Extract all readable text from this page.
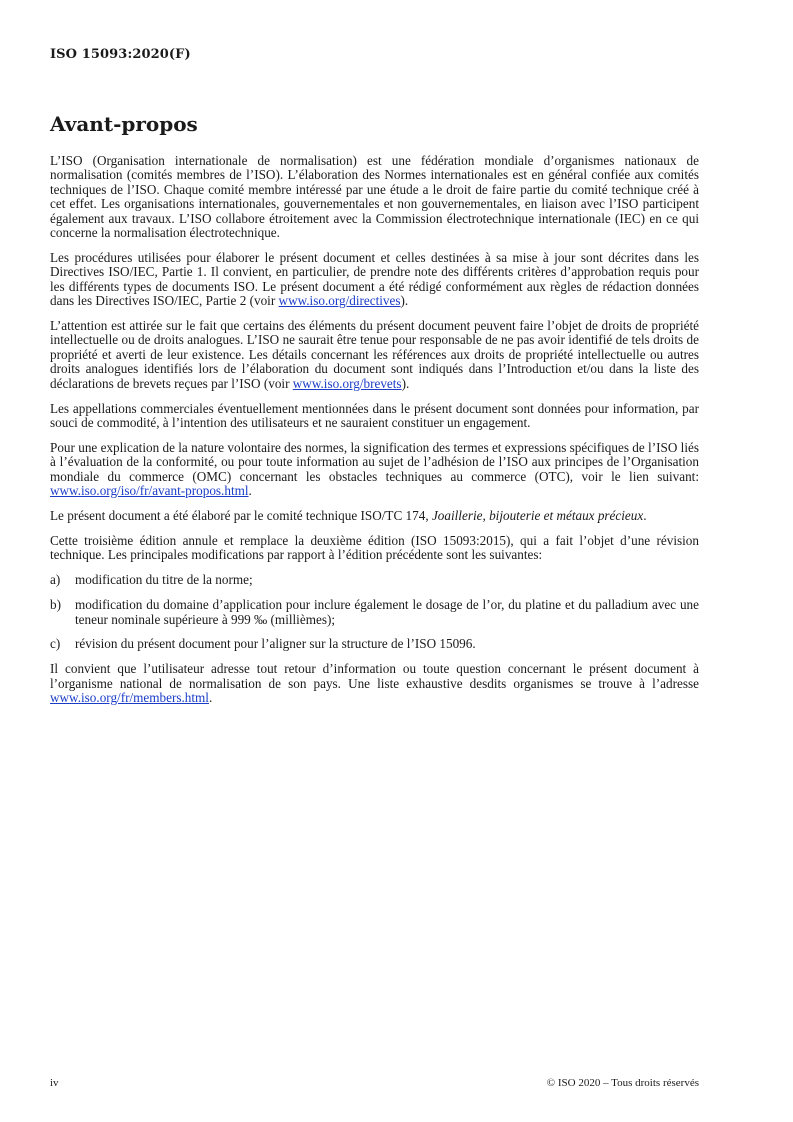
ISO 15093:2020(F)
Avant-propos

L’ISO (Organisation internationale de normalisation) est une fédération mondiale d’organismes nationaux de normalisation (comités membres de l’ISO). L’élaboration des Normes internationales est en général confiée aux comités techniques de l’ISO. Chaque comité membre intéressé par une étude a le droit de faire partie du comité technique créé à cet effet. Les organisations internationales, gouvernementales et non gouvernementales, en liaison avec l’ISO participent également aux travaux. L’ISO collabore étroitement avec la Commission électrotechnique internationale (IEC) en ce qui concerne la normalisation électrotechnique.

Les procédures utilisées pour élaborer le présent document et celles destinées à sa mise à jour sont décrites dans les Directives ISO/IEC, Partie 1. Il convient, en particulier, de prendre note des différents critères d’approbation requis pour les différents types de documents ISO. Le présent document a été rédigé conformément aux règles de rédaction données dans les Directives ISO/IEC, Partie 2 (voir www.iso.org/directives).

L’attention est attirée sur le fait que certains des éléments du présent document peuvent faire l’objet de droits de propriété intellectuelle ou de droits analogues. L’ISO ne saurait être tenue pour responsable de ne pas avoir identifié de tels droits de propriété et averti de leur existence. Les détails concernant les références aux droits de propriété intellectuelle ou autres droits analogues identifiés lors de l’élaboration du document sont indiqués dans l’Introduction et/ou dans la liste des déclarations de brevets reçues par l’ISO (voir www.iso.org/brevets).

Les appellations commerciales éventuellement mentionnées dans le présent document sont données pour information, par souci de commodité, à l’intention des utilisateurs et ne sauraient constituer un engagement.

Pour une explication de la nature volontaire des normes, la signification des termes et expressions spécifiques de l’ISO liés à l’évaluation de la conformité, ou pour toute information au sujet de l’adhésion de l’ISO aux principes de l’Organisation mondiale du commerce (OMC) concernant les obstacles techniques au commerce (OTC), voir le lien suivant: www.iso.org/iso/fr/avant-propos.html.

Le présent document a été élaboré par le comité technique ISO/TC 174, Joaillerie, bijouterie et métaux précieux.

Cette troisième édition annule et remplace la deuxième édition (ISO 15093:2015), qui a fait l’objet d’une révision technique. Les principales modifications par rapport à l’édition précédente sont les suivantes:

a)	modification du titre de la norme;
b)	modification du domaine d’application pour inclure également le dosage de l’or, du platine et du palladium avec une teneur nominale supérieure à 999 ‰ (millièmes);
c)	révision du présent document pour l’aligner sur la structure de l’ISO 15096.

Il convient que l’utilisateur adresse tout retour d’information ou toute question concernant le présent document à l’organisme national de normalisation de son pays. Une liste exhaustive desdits organismes se trouve à l’adresse www.iso.org/fr/members.html.

iv	© ISO 2020 – Tous droits réservés
